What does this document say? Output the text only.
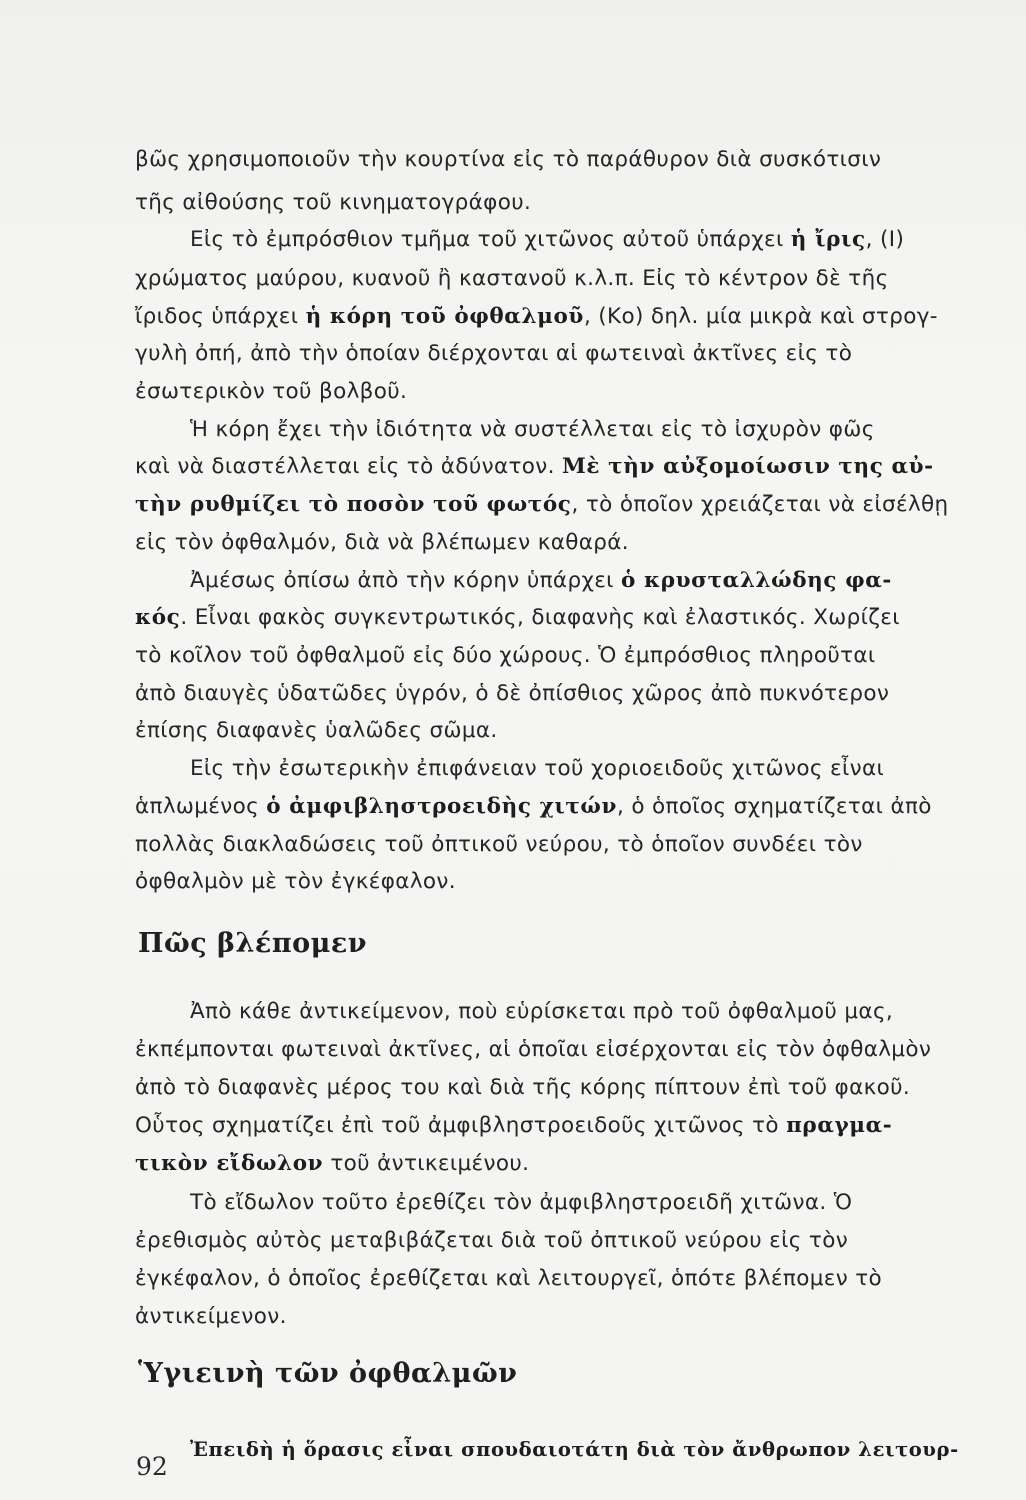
βῶς χρησιμοποιοῦν τὴν κουρτίνα εἰς τὸ παράθυρον διὰ συσκότισιν
τῆς αἰθούσης τοῦ κινηματογράφου.
Εἰς τὸ ἐμπρόσθιον τμῆμα τοῦ χιτῶνος αὐτοῦ ὑπάρχει ἡ ἴρις, (Ι)
χρώματος μαύρου, κυανοῦ ἢ καστανοῦ κ.λ.π. Εἰς τὸ κέντρον δὲ τῆς
ἴριδος ὑπάρχει ἡ κόρη τοῦ ὀφθαλμοῦ, (Κο) δηλ. μία μικρὰ καὶ στρογ-
γυλὴ ὀπή, ἀπὸ τὴν ὁποίαν διέρχονται αἱ φωτειναὶ ἀκτῖνες εἰς τὸ
ἐσωτερικὸν τοῦ βολβοῦ.
Ἡ κόρη ἔχει τὴν ἰδιότητα νὰ συστέλλεται εἰς τὸ ἰσχυρὸν φῶς
καὶ νὰ διαστέλλεται εἰς τὸ ἀδύνατον. Μὲ τὴν αὐξομοίωσιν της αὐ-
τὴν ρυθμίζει τὸ ποσὸν τοῦ φωτός, τὸ ὁποῖον χρειάζεται νὰ εἰσέλθῃ
εἰς τὸν ὀφθαλμόν, διὰ νὰ βλέπωμεν καθαρά.
Ἀμέσως ὀπίσω ἀπὸ τὴν κόρην ὑπάρχει ὁ κρυσταλλώδης φα-
κός. Εἶναι φακὸς συγκεντρωτικός, διαφανὴς καὶ ἐλαστικός. Χωρίζει
τὸ κοῖλον τοῦ ὀφθαλμοῦ εἰς δύο χώρους. Ὁ ἐμπρόσθιος πληροῦται
ἀπὸ διαυγὲς ὑδατῶδες ὑγρόν, ὁ δὲ ὀπίσθιος χῶρος ἀπὸ πυκνότερον
ἐπίσης διαφανὲς ὑαλῶδες σῶμα.
Εἰς τὴν ἐσωτερικὴν ἐπιφάνειαν τοῦ χοριοειδοῦς χιτῶνος εἶναι
ἁπλωμένος ὁ ἀμφιβληστροειδὴς χιτών, ὁ ὁποῖος σχηματίζεται ἀπὸ
πολλὰς διακλαδώσεις τοῦ ὀπτικοῦ νεύρου, τὸ ὁποῖον συνδέει τὸν
ὀφθαλμὸν μὲ τὸν ἐγκέφαλον.
Ἀπὸ κάθε ἀντικείμενον, ποὺ εὑρίσκεται πρὸ τοῦ ὀφθαλμοῦ μας,
ἐκπέμπονται φωτειναὶ ἀκτῖνες, αἱ ὁποῖαι εἰσέρχονται εἰς τὸν ὀφθαλμὸν
ἀπὸ τὸ διαφανὲς μέρος του καὶ διὰ τῆς κόρης πίπτουν ἐπὶ τοῦ φακοῦ.
Οὗτος σχηματίζει ἐπὶ τοῦ ἀμφιβληστροειδοῦς χιτῶνος τὸ πραγμα-
τικὸν εἴδωλον τοῦ ἀντικειμένου.
Τὸ εἴδωλον τοῦτο ἐρεθίζει τὸν ἀμφιβληστροειδῆ χιτῶνα. Ὁ
ἐρεθισμὸς αὐτὸς μεταβιβάζεται διὰ τοῦ ὀπτικοῦ νεύρου εἰς τὸν
ἐγκέφαλον, ὁ ὁποῖος ἐρεθίζεται καὶ λειτουργεῖ, ὁπότε βλέπομεν τὸ
ἀντικείμενον.
Ἐπειδὴ ἡ ὅρασις εἶναι σπουδαιοτάτη διὰ τὸν ἄνθρωπον λειτουρ-
Πῶς βλέπομεν
Ὑγιεινὴ τῶν ὀφθαλμῶν
92
